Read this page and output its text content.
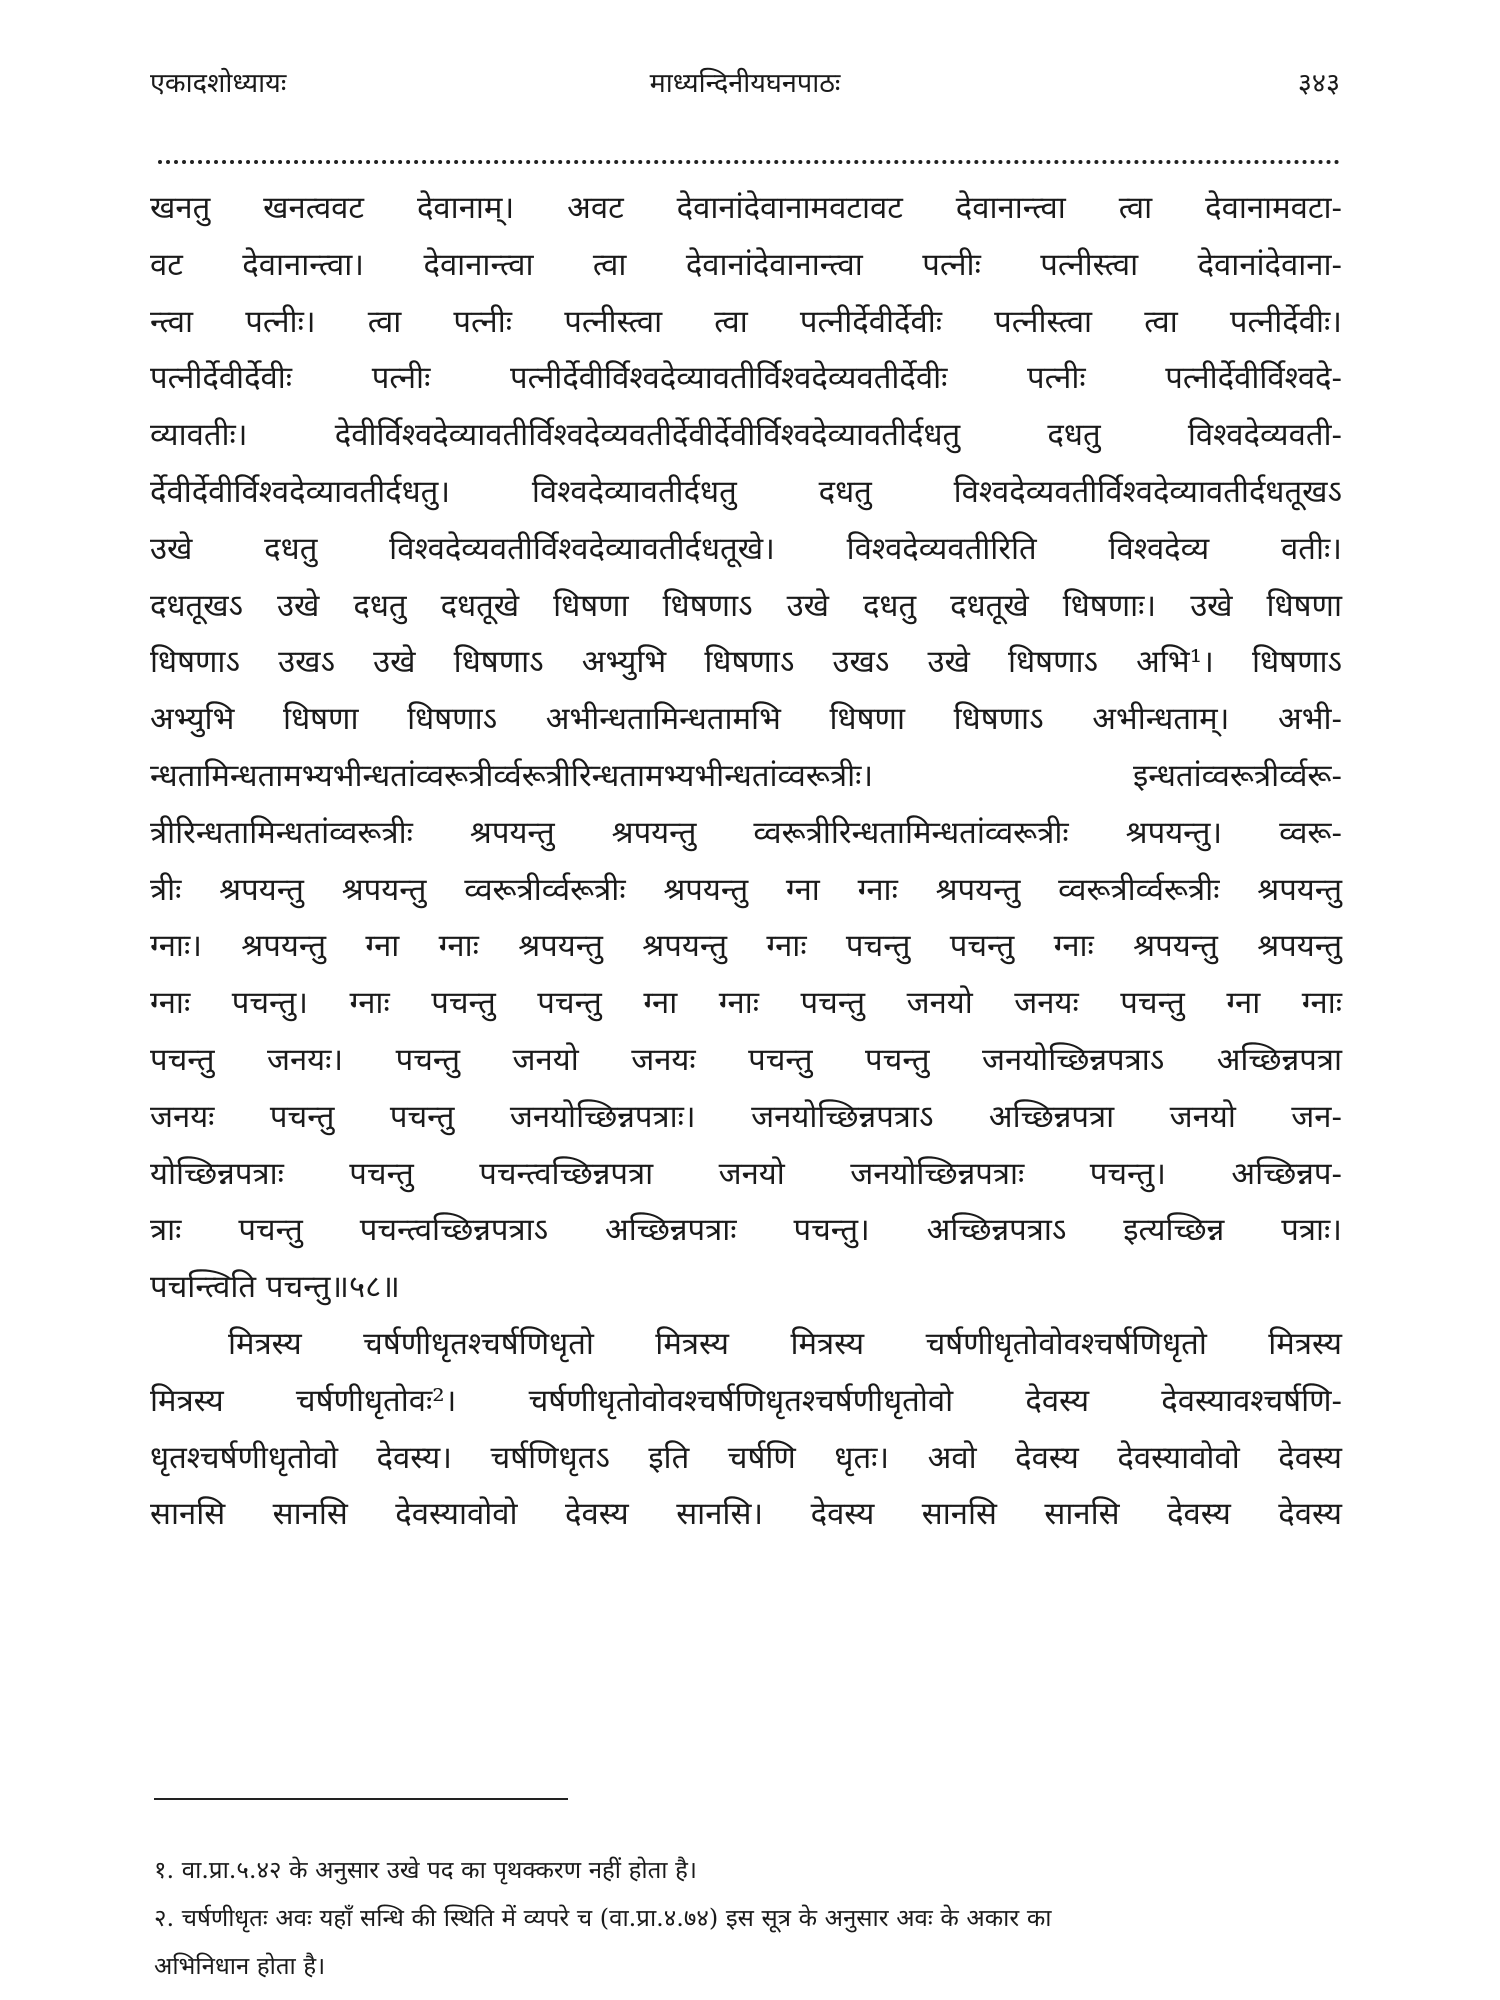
एकादशोध्यायः	माध्यन्दिनीयघनपाठः	३४३
खनतु खनत्ववट देवानाम्। अवट देवानांदेवानामवटावट देवानान्त्वा त्वा देवानामवटा-
वट देवानान्त्वा। देवानान्त्वा त्वा देवानांदेवानान्त्वा पत्नीः पत्नीस्त्वा देवानांदेवाना-
न्त्वा पत्नीः। त्वा पत्नीः पत्नीस्त्वा त्वा पत्नीर्देवीर्देवीः पत्नीस्त्वा त्वा पत्नीर्देवीः।
पत्नीर्देवीर्देवीः पत्नीः पत्नीर्देवीर्विश्वदेव्यावतीर्विश्वदेव्यवतीर्देवीः पत्नीः पत्नीर्देवीर्विश्वदे-
व्यावतीः। देवीर्विश्वदेव्यावतीर्विश्वदेव्यवतीर्देवीर्देवीर्विश्वदेव्यावतीर्दधतु दधतु विश्वदेव्यवती-
र्देवीर्देवीर्विश्वदेव्यावतीर्दधतु। विश्वदेव्यावतीर्दधतु दधतु विश्वदेव्यवतीर्विश्वदेव्यावतीर्दधतूखऽ
उखे दधतु विश्वदेव्यवतीर्विश्वदेव्यावतीर्दधतूखे। विश्वदेव्यवतीरिति विश्वदेव्य वतीः।
दधतूखऽ उखे दधतु दधतूखे धिषणा धिषणाऽ उखे दधतु दधतूखे धिषणाः। उखे धिषणा
धिषणाऽ उखऽ उखे धिषणाऽ अभ्युभि धिषणाऽ उखऽ उखे धिषणाऽ अभि¹। धिषणाऽ
अभ्युभि धिषणा धिषणाऽ अभीन्धतामिन्धतामभि धिषणा धिषणाऽ अभीन्धताम्। अभी-
न्धतामिन्धतामभ्यभीन्धतांव्वरूत्रीर्व्वरूत्रीरिन्धतामभ्यभीन्धतांव्वरूत्रीः। इन्धतांव्वरूत्रीर्व्वरू-
त्रीरिन्धतामिन्धतांव्वरूत्रीः श्रपयन्तु श्रपयन्तु व्वरूत्रीरिन्धतामिन्धतांव्वरूत्रीः श्रपयन्तु। व्वरू-
त्रीः श्रपयन्तु श्रपयन्तु व्वरूत्रीर्व्वरूत्रीः श्रपयन्तु ग्ना ग्नाः श्रपयन्तु व्वरूत्रीर्व्वरूत्रीः श्रपयन्तु
ग्नाः। श्रपयन्तु ग्ना ग्नाः श्रपयन्तु श्रपयन्तु ग्नाः पचन्तु पचन्तु ग्नाः श्रपयन्तु श्रपयन्तु
ग्नाः पचन्तु। ग्नाः पचन्तु पचन्तु ग्ना ग्नाः पचन्तु जनयो जनयः पचन्तु ग्ना ग्नाः
पचन्तु जनयः। पचन्तु जनयो जनयः पचन्तु पचन्तु जनयोच्छिन्नपत्राऽ अच्छिन्नपत्रा
जनयः पचन्तु पचन्तु जनयोच्छिन्नपत्राः। जनयोच्छिन्नपत्राऽ अच्छिन्नपत्रा जनयो जन-
योच्छिन्नपत्राः पचन्तु पचन्त्वच्छिन्नपत्रा जनयो जनयोच्छिन्नपत्राः पचन्तु। अच्छिन्नप-
त्राः पचन्तु पचन्त्वच्छिन्नपत्राऽ अच्छिन्नपत्राः पचन्तु। अच्छिन्नपत्राऽ इत्यच्छिन्न पत्राः।
पचन्त्विति पचन्तु॥५८॥
मित्रस्य चर्षणीधृतश्चर्षणिधृतो मित्रस्य मित्रस्य चर्षणीधृतोवोवश्चर्षणिधृतो मित्रस्य
मित्रस्य चर्षणीधृतोवः²। चर्षणीधृतोवोवश्चर्षणिधृतश्चर्षणीधृतोवो देवस्य देवस्यावश्चर्षणि-
धृतश्चर्षणीधृतोवो देवस्य। चर्षणिधृतऽ इति चर्षणि धृतः। अवो देवस्य देवस्यावोवो देवस्य
सानसि सानसि देवस्यावोवो देवस्य सानसि। देवस्य सानसि सानसि देवस्य देवस्य
१. वा.प्रा.५.४२ के अनुसार उखे पद का पृथक्करण नहीं होता है।
२. चर्षणीधृतः अवः यहाँ सन्धि की स्थिति में व्यपरे च (वा.प्रा.४.७४) इस सूत्र के अनुसार अवः के अकार का
अभिनिधान होता है।
